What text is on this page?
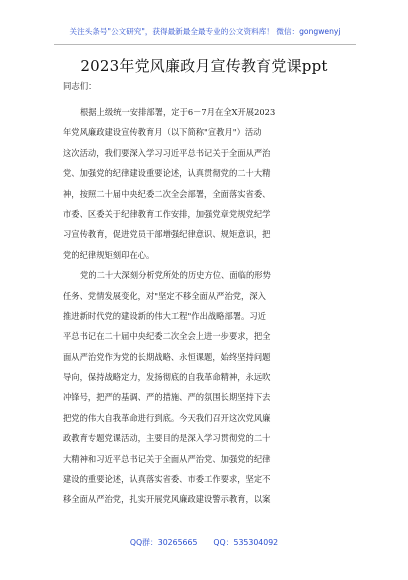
关注头条号"公文研究"，获得最新最全最专业的公文资料库！ 微信：gongwenyj
2023年党风廉政月宣传教育党课ppt
同志们：
根据上级统一安排部署，定于6－7月在全X开展2023
年党风廉政建设宣传教育月（以下简称"宣教月"）活动
这次活动，我们要深入学习习近平总书记关于全面从严治
党、加强党的纪律建设重要论述，认真贯彻党的二十大精
神，按照二十届中央纪委二次全会部署，全面落实省委、
市委、区委关于纪律教育工作安排，加强党章党规党纪学
习宣传教育，促进党员干部增强纪律意识、规矩意识，把
党的纪律规矩刻印在心。
党的二十大深刻分析党所处的历史方位、面临的形势
任务、党情发展变化，对"坚定不移全面从严治党，深入
推进新时代党的建设新的伟大工程"作出战略部署。习近
平总书记在二十届中央纪委二次全会上进一步要求，把全
面从严治党作为党的长期战略、永恒课题，始终坚持问题
导向，保持战略定力，发扬彻底的自我革命精神，永远吹
冲锋号，把严的基调、严的措施、严的氛围长期坚持下去
把党的伟大自我革命进行到底。今天我们召开这次党风廉
政教育专题党课活动，主要目的是深入学习贯彻党的二十
大精神和习近平总书记关于全面从严治党、加强党的纪律
建设的重要论述，认真落实省委、市委工作要求，坚定不
移全面从严治党，扎实开展党风廉政建设警示教育，以案
QQ群：30265665 QQ：535304092
